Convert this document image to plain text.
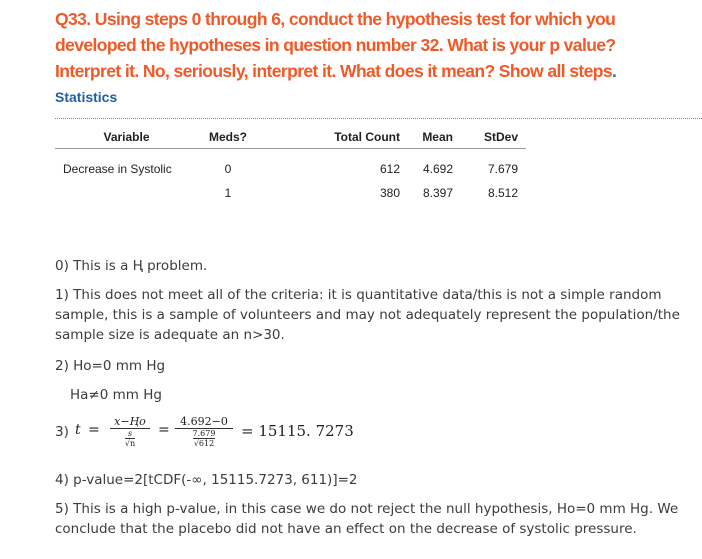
Q33. Using steps 0 through 6, conduct the hypothesis test for which you developed the hypotheses in question number 32. What is your p value? Interpret it. No, seriously, interpret it. What does it mean? Show all steps.
Statistics
Variable	Meds?	Total Count	Mean	StDev

Decrease in Systolic	0	612	4.692	7.679
	1	380	8.397	8.512
0) This is a Ⱨ problem.
1) This does not meet all of the criteria: it is quantitative data/this is not a simple random sample, this is a sample of volunteers and may not adequately represent the population/the sample size is adequate an n>30.
2) Ho=0 mm Hg
Ha≠0 mm Hg
3) t =
x−Ⱨo
$\frac{s}{√n}$ =
4.692−0
$\frac{7.679}{√612} = 15115$. 7273
4) p-value=2[tCDF(-∞, 15115.7273, 611)]=2
5) This is a high p-value, in this case we do not reject the null hypothesis, Ho=0 mm Hg. We conclude that the placebo did not have an effect on the decrease of systolic pressure.
